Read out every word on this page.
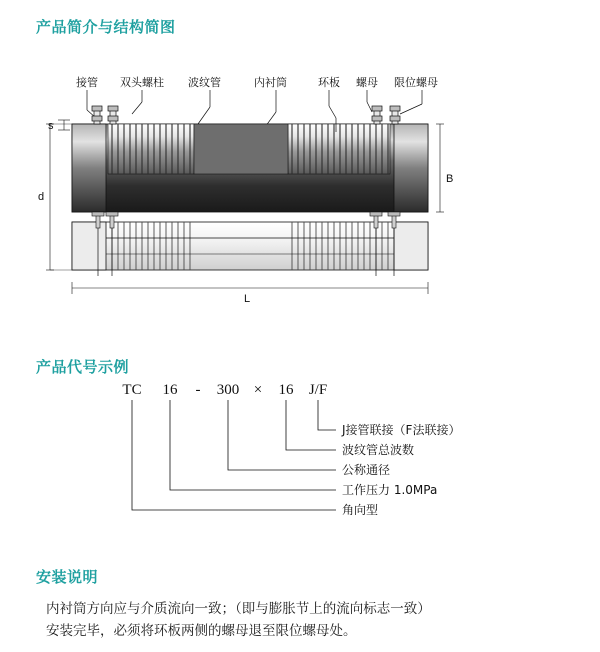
产品简介与结构简图
产品代号示例
安装说明
接管 双头螺柱 波纹管	内衬筒	环板 螺母 限位螺母
s
d
B
L
TC 16 - 300 × 16 J/F
J接管联接（F法联接）
波纹管总波数
公称通径
工作压力 1.0MPa
角向型
内衬筒方向应与介质流向一致；（即与膨胀节上的流向标志一致）
安装完毕，必须将环板两侧的螺母退至限位螺母处。
